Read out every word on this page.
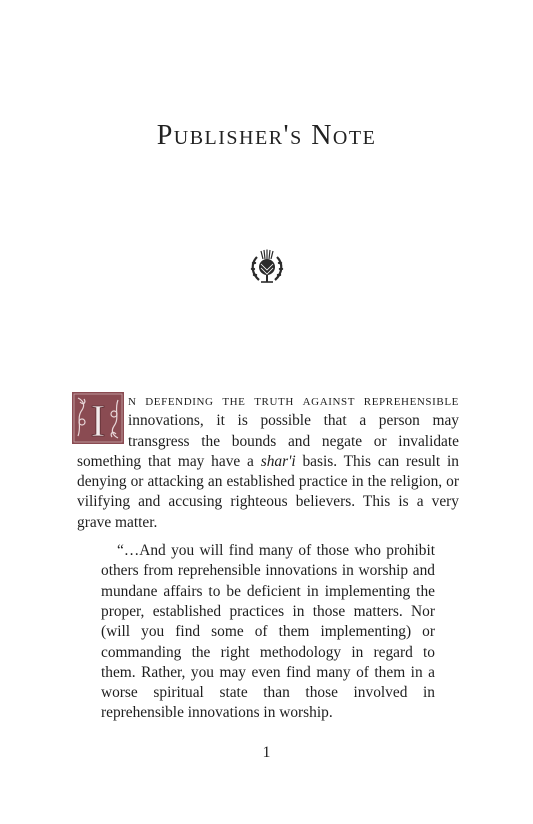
Publisher's Note
I	n defending the truth against reprehensible innovations, it is possible that a person may transgress the bounds and negate or invalidate something that may have a shar'i basis. This can result in denying or attacking an established practice in the religion, or vilifying and accusing righteous believers. This is a very grave matter.

“…And you will find many of those who prohibit others from reprehensible innovations in worship and mundane affairs to be deficient in implementing the proper, established practices in those matters. Nor (will you find some of them implementing) or commanding the right methodology in regard to them. Rather, you may even find many of them in a worse spiritual state than those involved in reprehensible innovations in worship.

1
